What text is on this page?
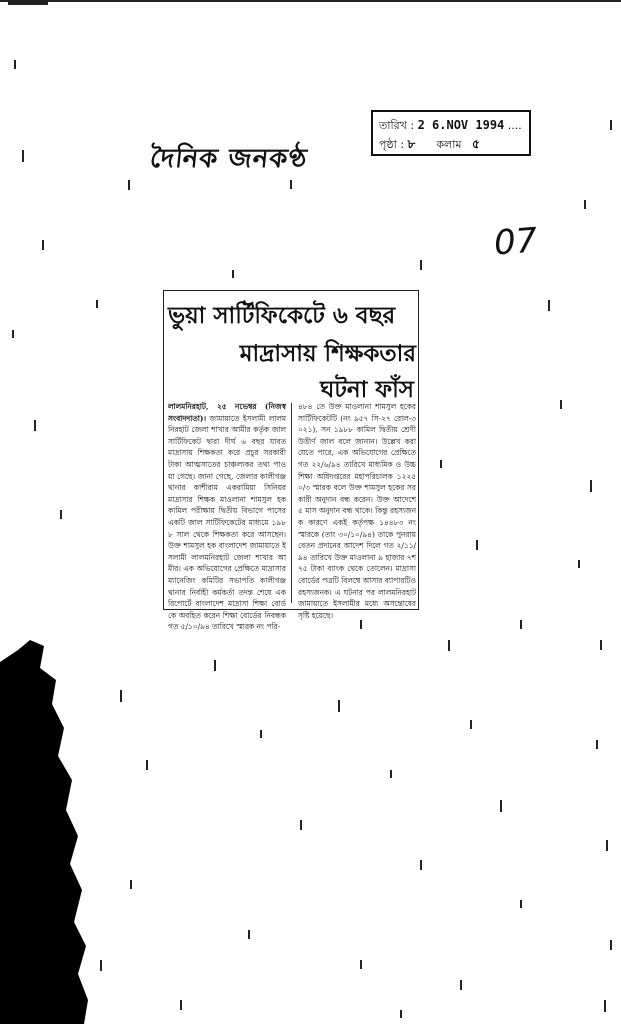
দৈনিক জনকণ্ঠ
তারিখ : 2 6.NOV 1994 ....
পৃষ্ঠা : ৮ কলাম ৫
07
ভুয়া সার্টিফিকেটে ৬ বছর
মাদ্রাসায় শিক্ষকতার
ঘটনা ফাঁস
লালমনিরহাট, ২৫ নভেম্বর (নিজস্ব সংবাদদাতা)। জামায়াতে ইসলামী লালমনিরহাট জেলা শাখার আমীর কর্তৃক জাল সার্টিফিকেট দ্বারা দীর্ঘ ৬ বছর যাবত মাদ্রাসায় শিক্ষকতা করে প্রচুর সরকারী টাকা আত্মসাতের চাঞ্চল্যকর তথ্য পাওয়া গেছে। জানা গেছে, জেলার কালীগঞ্জ থানার কাশীরাম একরামিয়া সিনিয়র মাদ্রাসার শিক্ষক মাওলানা শামসুল হক কামিল পরীক্ষায় দ্বিতীয় বিভাগে পাসের একটি জাল সার্টিফিকেটের মাধ্যমে ১৯৮৮ সাল থেকে শিক্ষকতা করে আসছেন। উক্ত শামসুল হক বাংলাদেশ জামায়াতে ইসলামী লালমনিরহাট জেলা শাখার আমীর। এক অভিযোগের প্রেক্ষিতে মাদ্রাসার ম্যানেজিং কমিটির সভাপতি কালীগঞ্জ থানার নির্বাহী কর্মকর্তা তদন্ত শেষে এক রিপোর্টে বাংলাদেশ মাদ্রাসা শিক্ষা বোর্ডকে অবহিত করেন শিক্ষা বোর্ডের নিবন্ধক গত ৫/১০/৯৪ তারিখে স্মারক নং পরি-
৪৮৪ তে উক্ত মাওলানা শামসুল হকের সার্টিফিকেটটি (নং ৯৫৭ সি-২৭ রোল-৩০২১), সন ১৯৮৮ কামিল দ্বিতীয় শ্রেণী উত্তীর্ণ জাল বলে জানান। উল্লেখ করা যেতে পারে, এক অভিযোগের প্রেক্ষিতে গত ২২/৬/৯৪ তারিখে মাধ্যমিক ও উচ্চশিক্ষা অধিদপ্তরের মহাপরিচালক ১২২৫০/৩ স্মারক বলে উক্ত শামসুল হকের সরকারী অনুদান বন্ধ করেন। উক্ত আদেশে ৫ মাস অনুদান বন্ধ থাকে। কিন্তু রহস্যজনক কারণে একই কর্তৃপক্ষ ১৪৪৮৩ নং স্মারকে (তাং ৩০/১০/৯৪) তাকে পুনরায় বেতন প্রদানের আদেশ দিলে গত ২/১১/৯৪ তারিখে উক্ত মাওলানা ৯ হাজার ৭শ ৭৫ টাকা ব্যাংক থেকে তোলেন। মাদ্রাসা বোর্ডের পত্রটি বিলম্বে আসার ব্যাপারটিও রহস্যজনক। এ ঘটনার পর লালমনিরহাট জামায়াতে ইসলামীর মধ্যে অসন্তোষের সৃষ্টি হয়েছে।
